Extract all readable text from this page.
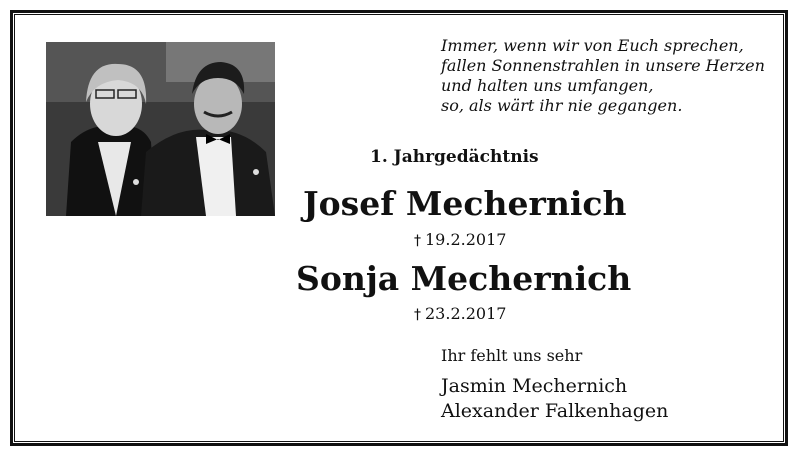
Immer, wenn wir von Euch sprechen,
fallen Sonnenstrahlen in unsere Herzen
und halten uns umfangen,
so, als wärt ihr nie gegangen.
1. Jahrgedächtnis
Josef Mechernich
† 19.2.2017
Sonja Mechernich
† 23.2.2017
Ihr fehlt uns sehr
Jasmin Mechernich
Alexander Falkenhagen
